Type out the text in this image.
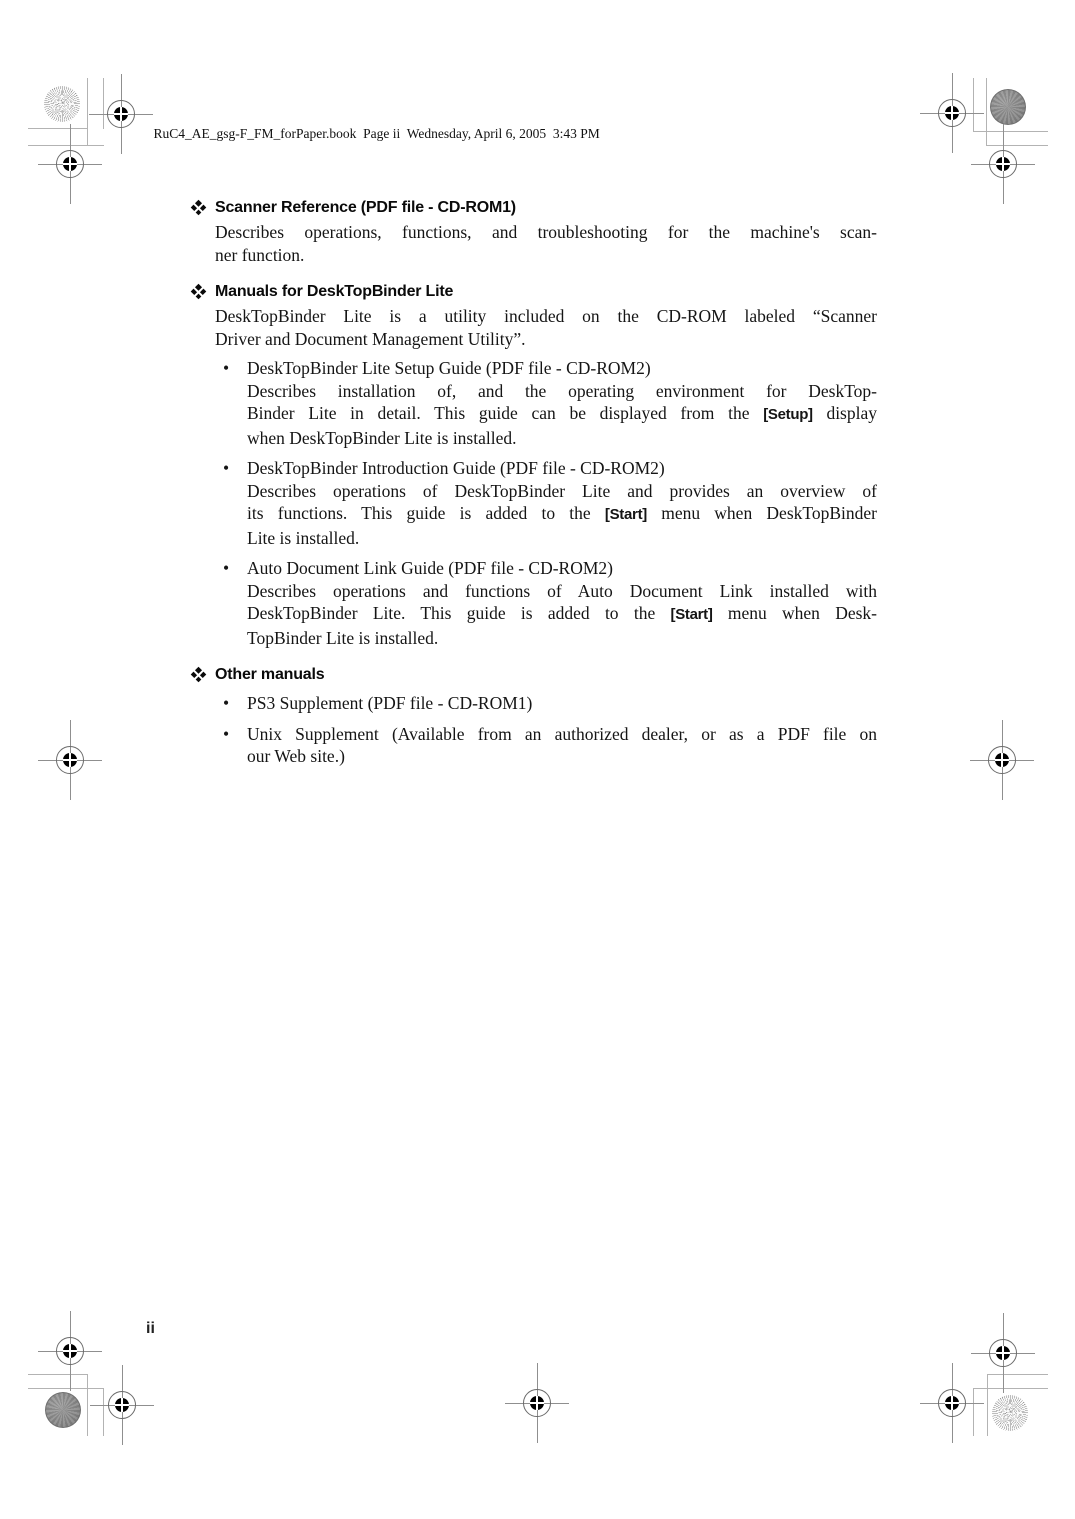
RuC4_AE_gsg-F_FM_forPaper.book  Page ii  Wednesday, April 6, 2005  3:43 PM

Scanner Reference (PDF file - CD-ROM1)
Describes operations, functions, and troubleshooting for the machine's scan-
ner function.
Manuals for DeskTopBinder Lite
DeskTopBinder Lite is a utility included on the CD-ROM labeled “Scanner
Driver and Document Management Utility”.
•	DeskTopBinder Lite Setup Guide (PDF file - CD-ROM2)
Describes installation of, and the operating environment for DeskTop-
Binder Lite in detail. This guide can be displayed from the [Setup] display
when DeskTopBinder Lite is installed.
•	DeskTopBinder Introduction Guide (PDF file - CD-ROM2)
Describes operations of DeskTopBinder Lite and provides an overview of
its functions. This guide is added to the [Start] menu when DeskTopBinder
Lite is installed.
•	Auto Document Link Guide (PDF file - CD-ROM2)
Describes operations and functions of Auto Document Link installed with
DeskTopBinder Lite. This guide is added to the [Start] menu when Desk-
TopBinder Lite is installed.
Other manuals
•	PS3 Supplement (PDF file - CD-ROM1)
•	Unix Supplement (Available from an authorized dealer, or as a PDF file on
our Web site.)
ii
